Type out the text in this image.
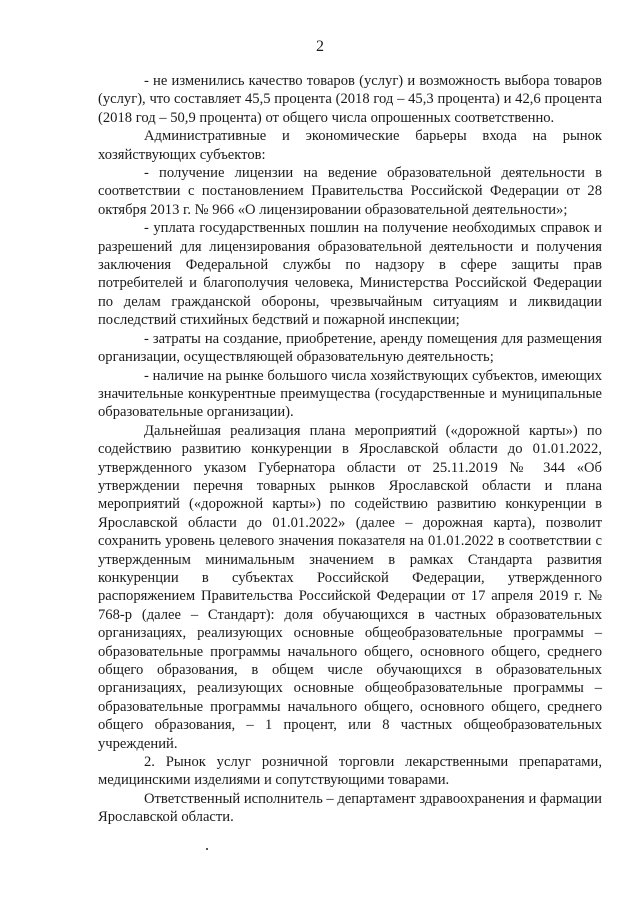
2

- не изменились качество товаров (услуг) и возможность выбора товаров (услуг), что составляет 45,5 процента (2018 год – 45,3 процента) и 42,6 процента (2018 год – 50,9 процента) от общего числа опрошенных соответственно.

Административные и экономические барьеры входа на рынок хозяйствующих субъектов:

- получение лицензии на ведение образовательной деятельности в соответствии с постановлением Правительства Российской Федерации от 28 октября 2013 г. № 966 «О лицензировании образовательной деятельности»;

- уплата государственных пошлин на получение необходимых справок и разрешений для лицензирования образовательной деятельности и получения заключения Федеральной службы по надзору в сфере защиты прав потребителей и благополучия человека, Министерства Российской Федерации по делам гражданской обороны, чрезвычайным ситуациям и ликвидации последствий стихийных бедствий и пожарной инспекции;

- затраты на создание, приобретение, аренду помещения для размещения организации, осуществляющей образовательную деятельность;

- наличие на рынке большого числа хозяйствующих субъектов, имеющих значительные конкурентные преимущества (государственные и муниципальные образовательные организации).

Дальнейшая реализация плана мероприятий («дорожной карты») по содействию развитию конкуренции в Ярославской области до 01.01.2022, утвержденного указом Губернатора области от 25.11.2019 № 344 «Об утверждении перечня товарных рынков Ярославской области и плана мероприятий («дорожной карты») по содействию развитию конкуренции в Ярославской области до 01.01.2022» (далее – дорожная карта), позволит сохранить уровень целевого значения показателя на 01.01.2022 в соответствии с утвержденным минимальным значением в рамках Стандарта развития конкуренции в субъектах Российской Федерации, утвержденного распоряжением Правительства Российской Федерации от 17 апреля 2019 г. № 768-р (далее – Стандарт): доля обучающихся в частных образовательных организациях, реализующих основные общеобразовательные программы – образовательные программы начального общего, основного общего, среднего общего образования, в общем числе обучающихся в образовательных организациях, реализующих основные общеобразовательные программы – образовательные программы начального общего, основного общего, среднего общего образования, – 1 процент, или 8 частных общеобразовательных учреждений.

2. Рынок услуг розничной торговли лекарственными препаратами, медицинскими изделиями и сопутствующими товарами.

Ответственный исполнитель – департамент здравоохранения и фармации Ярославской области.
